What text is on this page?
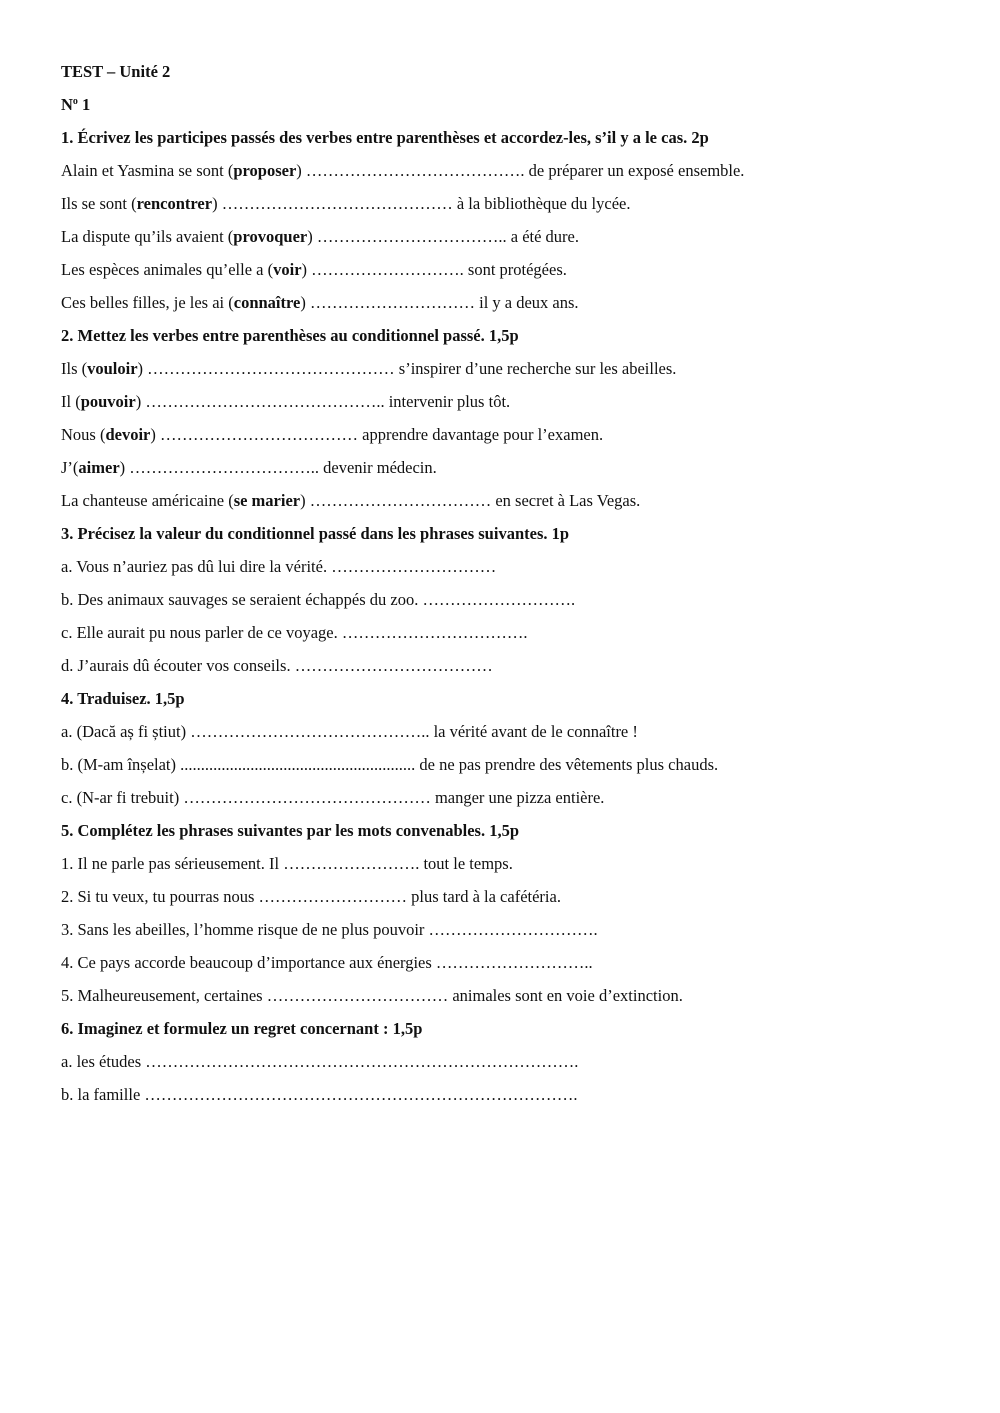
TEST – Unité 2
$N^o$ 1
1. Écrivez les participes passés des verbes entre parenthèses et accordez-les, s’il y a le cas. 2p
Alain et Yasmina se sont (proposer) …………………………………. de préparer un exposé ensemble.
Ils se sont (rencontrer) …………………………………… à la bibliothèque du lycée.
La dispute qu’ils avaient (provoquer) …………………………….. a été dure.
Les espèces animales qu’elle a (voir) ………………………. sont protégées.
Ces belles filles, je les ai (connaître) ………………………… il y a deux ans.
2. Mettez les verbes entre parenthèses au conditionnel passé. 1,5p
Ils (vouloir) ……………………………………… s’inspirer d’une recherche sur les abeilles.
Il (pouvoir) …………………………………….. intervenir plus tôt.
Nous (devoir) ……………………………… apprendre davantage pour l’examen.
J’(aimer) …………………………….. devenir médecin.
La chanteuse américaine (se marier) …………………………… en secret à Las Vegas.
3. Précisez la valeur du conditionnel passé dans les phrases suivantes. 1p
a. Vous n’auriez pas dû lui dire la vérité. …………………………
b. Des animaux sauvages se seraient échappés du zoo. ……………………….
c. Elle aurait pu nous parler de ce voyage. …………………………….
d. J’aurais dû écouter vos conseils. ………………………………
4. Traduisez. 1,5p
a. (Dacă aș fi știut) …………………………………….. la vérité avant de le connaître !
b. (M-am înșelat) ......................................................... de ne pas prendre des vêtements plus chauds.
c. (N-ar fi trebuit) ……………………………………… manger une pizza entière.
5. Complétez les phrases suivantes par les mots convenables. 1,5p
1. Il ne parle pas sérieusement. Il ……………………. tout le temps.
2. Si tu veux, tu pourras nous ……………………… plus tard à la cafétéria.
3. Sans les abeilles, l’homme risque de ne plus pouvoir ………………………….
4. Ce pays accorde beaucoup d’importance aux énergies ………………………..
5. Malheureusement, certaines …………………………… animales sont en voie d’extinction.
6. Imaginez et formulez un regret concernant : 1,5p
a. les études …………………………………………………………………….
b. la famille …………………………………………………………………….
